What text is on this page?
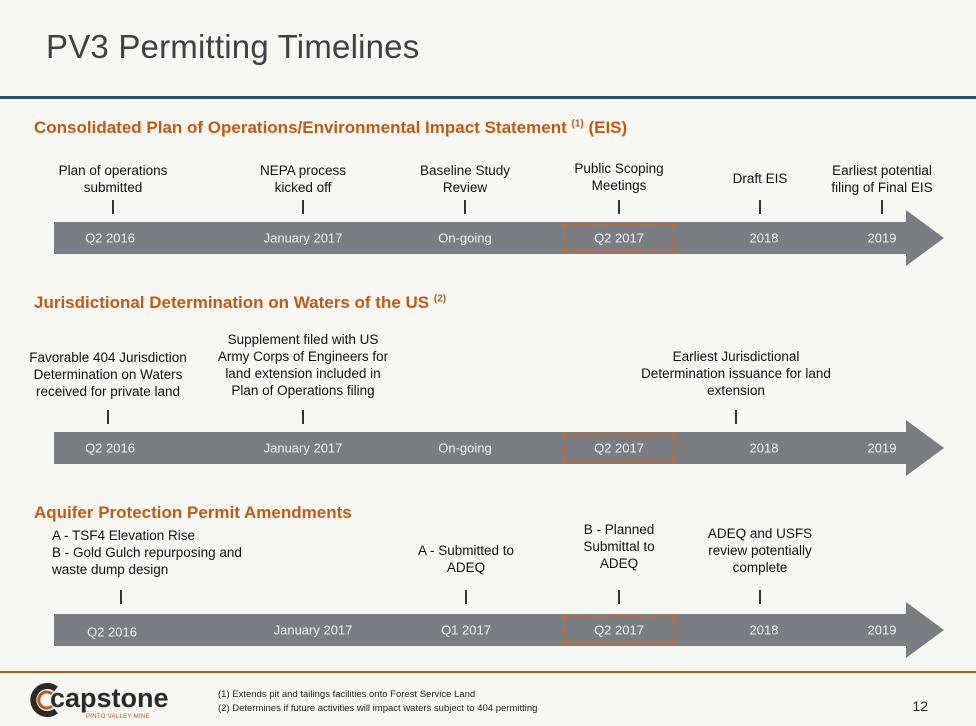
PV3 Permitting Timelines
Consolidated Plan of Operations/Environmental Impact Statement $^{(1)}$ (EIS)
Plan of operations submitted
NEPA process kicked off
Baseline Study Review
Public Scoping Meetings	Draft EIS
Earliest potential filing of Final EIS
Q2 2016	January 2017	On-going	Q2 2017	2018	2019
Jurisdictional Determination on Waters of the US $^{(2)}$
Favorable 404 Jurisdiction Determination on Waters received for private land
Supplement filed with US Army Corps of Engineers for land extension included in Plan of Operations filing
Earliest Jurisdictional Determination issuance for land extension
Q2 2016	January 2017	On-going	Q2 2017	2018	2019
Aquifer Protection Permit Amendments
A - TSF4 Elevation Rise
B - Gold Gulch repurposing and waste dump design
A - Submitted to ADEQ
B - Planned Submittal to ADEQ
ADEQ and USFS review potentially complete
Q2 2016	January 2017	Q1 2017	Q2 2017	2018	2019
capstone
PINTO VALLEY MINE
(1) Extends pit and tailings facilities onto Forest Service Land
(2) Determines if future activities will impact waters subject to 404 permitting	12
